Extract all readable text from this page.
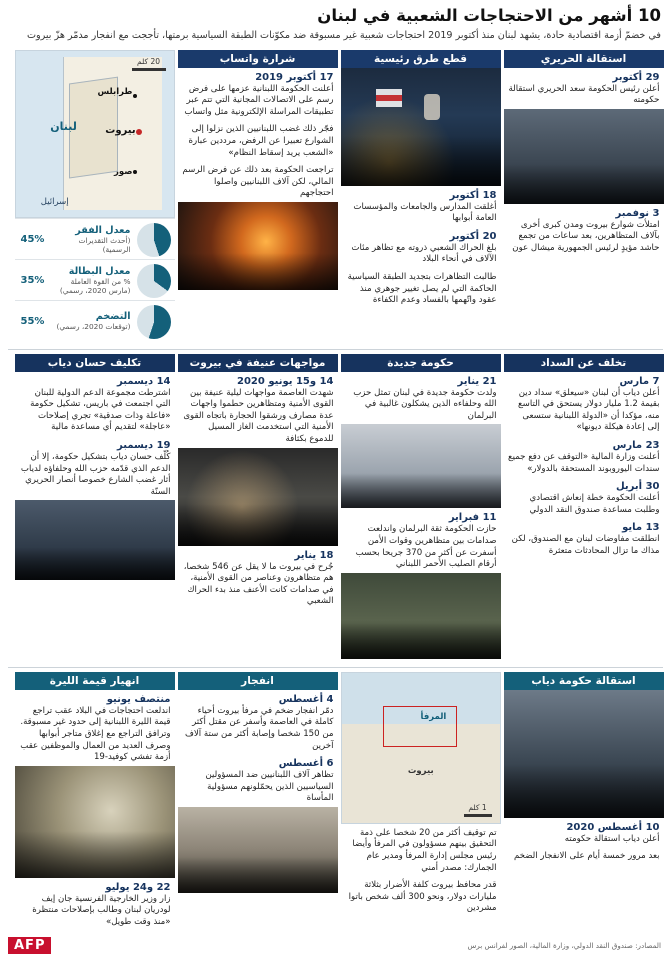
10 أشهر من الاحتجاجات الشعبية في لبنان
في خضمّ أزمة اقتصادية حادة، يشهد لبنان منذ أكتوبر 2019 احتجاجات شعبية غير مسبوقة ضد مكوّنات الطبقة السياسية برمتها، تأججت مع انفجار مدمّر هزّ بيروت
استقالة الحريري
29 أكتوبر
أعلن رئيس الحكومة سعد الحريري استقالة حكومته
3 نوفمبر
امتلأت شوارع بيروت ومدن كبرى أخرى بآلاف المتظاهرين، بعد ساعات من تجمع حاشد مؤيدٍ لرئيس الجمهورية ميشال عون
قطع طرق رئيسية
18 أكتوبر
أغلقت المدارس والجامعات والمؤسسات العامة أبوابها
20 أكتوبر
بلغ الحراك الشعبي ذروته مع تظاهر مئات الآلاف في أنحاء البلاد
طالبت التظاهرات بتجديد الطبقة السياسية الحاكمة التي لم يصل تغيير جوهري منذ عقود واتّهمها بالفساد وعدم الكفاءة
شرارة واتساب
17 أكتوبر 2019
أعلنت الحكومة اللبنانية عزمها على فرض رسم على الاتصالات المجانية التي تتم عبر تطبيقات المراسلة الإلكترونية مثل واتساب
فجّر ذلك غضب اللبنانيين الذين نزلوا إلى الشوارع تعبيرا عن الرفض، مرددين عبارة «الشعب يريد إسقاط النظام»
تراجعت الحكومة بعد ذلك عن فرض الرسم المالي، لكن آلاف اللبنانيين واصلوا احتجاجهم
20 كلم
طرابلس
بيروت
صور
لبنان
إسرائيل
معدل الفقر
(أحدث التقديرات الرسمية)
45%
معدل البطالة
% من القوة العاملة (مارس 2020، رسمي)
35%
التضخم
(توقعات 2020، رسمي)
55%
تخلف عن السداد
7 مارس
أعلن دياب أن لبنان «سيعلق» سداد دين بقيمة 1.2 مليار دولار يستحق في التاسع منه، مؤكدا أن «الدولة اللبنانية ستسعى إلى إعادة هيكلة ديونها»
23 مارس
أعلنت وزارة المالية «التوقف عن دفع جميع سندات اليوروبوند المستحقة بالدولار»
30 أبريل
أعلنت الحكومة خطة إنعاش اقتصادي وطلبت مساعدة صندوق النقد الدولي
13 مايو
انطلقت مفاوضات لبنان مع الصندوق، لكن مذاك ما تزال المحادثات متعثرة
حكومة جديدة
21 يناير
ولدت حكومة جديدة في لبنان تمثل حزب الله وحلفاءه الذين يشكلون غالبية في البرلمان
11 فبراير
حازت الحكومة ثقة البرلمان واندلعت صدامات بين متظاهرين وقوات الأمن أسفرت عن أكثر من 370 جريحا بحسب أرقام الصليب الأحمر اللبناني
مواجهات عنيفة في بيروت
14 و15 يونيو 2020
شهدت العاصمة مواجهات ليلية عنيفة بين القوى الأمنية ومتظاهرين حطموا واجهات عدة مصارف ورشقوا الحجارة باتجاه القوى الأمنية التي استخدمت الغاز المسيل للدموع بكثافة
18 يناير
جُرح في بيروت ما لا يقل عن 546 شخصا، هم متظاهرون وعناصر من القوى الأمنية، في صدامات كانت الأعنف منذ بدء الحراك الشعبي
تكليف حسان دياب
14 ديسمبر
اشترطت مجموعة الدعم الدولية للبنان التي اجتمعت في باريس، تشكيل حكومة «فاعلة وذات صدقية» تجري إصلاحات «عاجلة» لتقديم أي مساعدة مالية
19 ديسمبر
كُلّف حسان دياب بتشكيل حكومة، إلا أن الدعم الذي قدّمه حزب الله وحلفاؤه لدياب أثار غضب الشارع خصوصا أنصار الحريري السنّة
استقالة حكومة دياب
10 أغسطس 2020
أعلن دياب استقالة حكومته
بعد مرور خمسة أيام على الانفجار الضخم
المرفأ
بيروت
1 كلم
تم توقيف أكثر من 20 شخصا على ذمة التحقيق بينهم مسؤولون في المرفأ وأيضا رئيس مجلس إدارة المرفأ ومدير عام الجمارك: مصدر أمني
قدر محافظ بيروت كلفة الأضرار بثلاثة مليارات دولار، ونحو 300 ألف شخص باتوا مشردين
انفجار
4 أغسطس
دمّر انفجار ضخم في مرفأ بيروت أحياء كاملة في العاصمة وأسفر عن مقتل أكثر من 150 شخصا وإصابة أكثر من ستة آلاف آخرين
6 أغسطس
تظاهر آلاف اللبنانيين ضد المسؤولين السياسيين الذين يحمّلونهم مسؤولية المأساة
انهيار قيمة الليرة
منتصف يونيو
اندلعت احتجاجات في البلاد عقب تراجع قيمة الليرة اللبنانية إلى حدود غير مسبوقة. وترافق التراجع مع إغلاق متاجر أبوابها وصرف العديد من العمال والموظفين عقب أزمة تفشي كوفيد-19
22 و24 يوليو
زار وزير الخارجية الفرنسية جان إيف لودريان لبنان وطالب بإصلاحات منتظرة «منذ وقت طويل»
AFP	المصادر: صندوق النقد الدولي، وزارة المالية، الصور لفرانس برس
